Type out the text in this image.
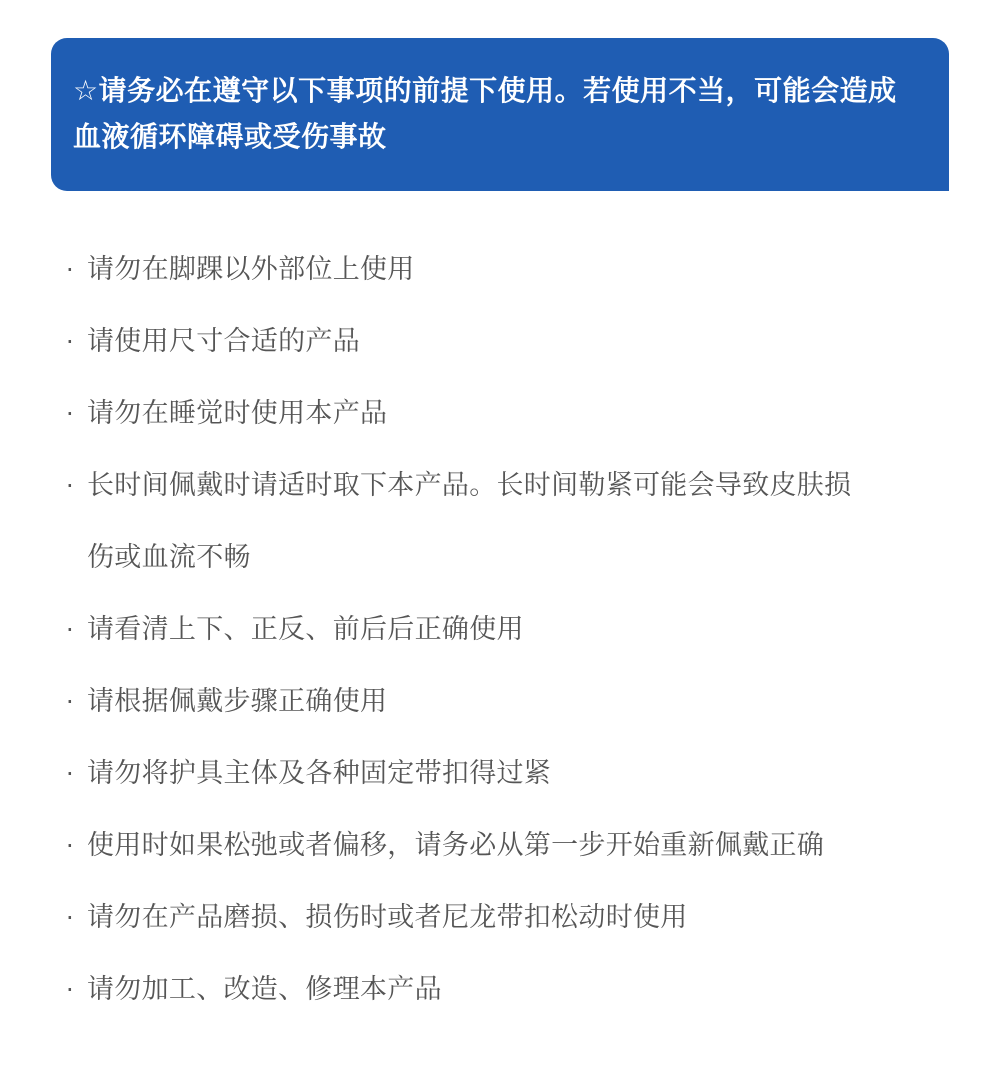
☆请务必在遵守以下事项的前提下使用。若使用不当，可能会造成血液循环障碍或受伤事故

· 请勿在脚踝以外部位上使用
· 请使用尺寸合适的产品
· 请勿在睡觉时使用本产品
· 长时间佩戴时请适时取下本产品。长时间勒紧可能会导致皮肤损
伤或血流不畅
· 请看清上下、正反、前后后正确使用
· 请根据佩戴步骤正确使用
· 请勿将护具主体及各种固定带扣得过紧
· 使用时如果松弛或者偏移，请务必从第一步开始重新佩戴正确
· 请勿在产品磨损、损伤时或者尼龙带扣松动时使用
· 请勿加工、改造、修理本产品
